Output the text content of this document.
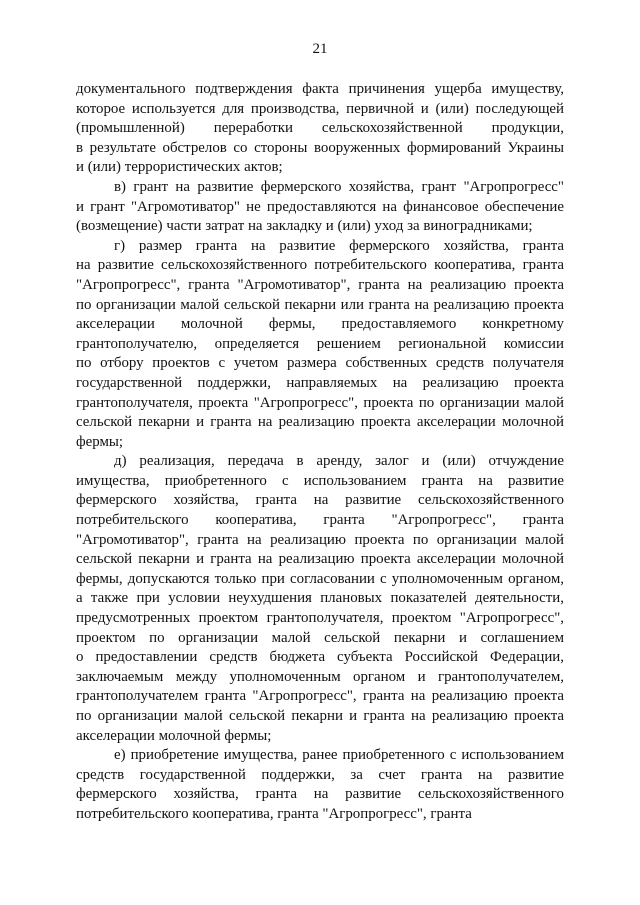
21
документального подтверждения факта причинения ущерба имуществу,
которое используется для производства, первичной и (или) последующей
(промышленной) переработки сельскохозяйственной продукции,
в результате обстрелов со стороны вооруженных формирований Украины
и (или) террористических актов;
в) грант на развитие фермерского хозяйства, грант "Агропрогресс"
и грант "Агромотиватор" не предоставляются на финансовое обеспечение
(возмещение) части затрат на закладку и (или) уход за виноградниками;
г) размер гранта на развитие фермерского хозяйства, гранта
на развитие сельскохозяйственного потребительского кооператива, гранта
"Агропрогресс", гранта "Агромотиватор", гранта на реализацию проекта
по организации малой сельской пекарни или гранта на реализацию проекта
акселерации молочной фермы, предоставляемого конкретному
грантополучателю, определяется решением региональной комиссии
по отбору проектов с учетом размера собственных средств получателя
государственной поддержки, направляемых на реализацию проекта
грантополучателя, проекта "Агропрогресс", проекта по организации малой
сельской пекарни и гранта на реализацию проекта акселерации молочной
фермы;
д) реализация, передача в аренду, залог и (или) отчуждение
имущества, приобретенного с использованием гранта на развитие
фермерского хозяйства, гранта на развитие сельскохозяйственного
потребительского кооператива, гранта "Агропрогресс", гранта
"Агромотиватор", гранта на реализацию проекта по организации малой
сельской пекарни и гранта на реализацию проекта акселерации молочной
фермы, допускаются только при согласовании с уполномоченным органом,
а также при условии неухудшения плановых показателей деятельности,
предусмотренных проектом грантополучателя, проектом "Агропрогресс",
проектом по организации малой сельской пекарни и соглашением
о предоставлении средств бюджета субъекта Российской Федерации,
заключаемым между уполномоченным органом и грантополучателем,
грантополучателем гранта "Агропрогресс", гранта на реализацию проекта
по организации малой сельской пекарни и гранта на реализацию проекта
акселерации молочной фермы;
е) приобретение имущества, ранее приобретенного с использованием
средств государственной поддержки, за счет гранта на развитие
фермерского хозяйства, гранта на развитие сельскохозяйственного
потребительского кооператива, гранта "Агропрогресс", гранта
